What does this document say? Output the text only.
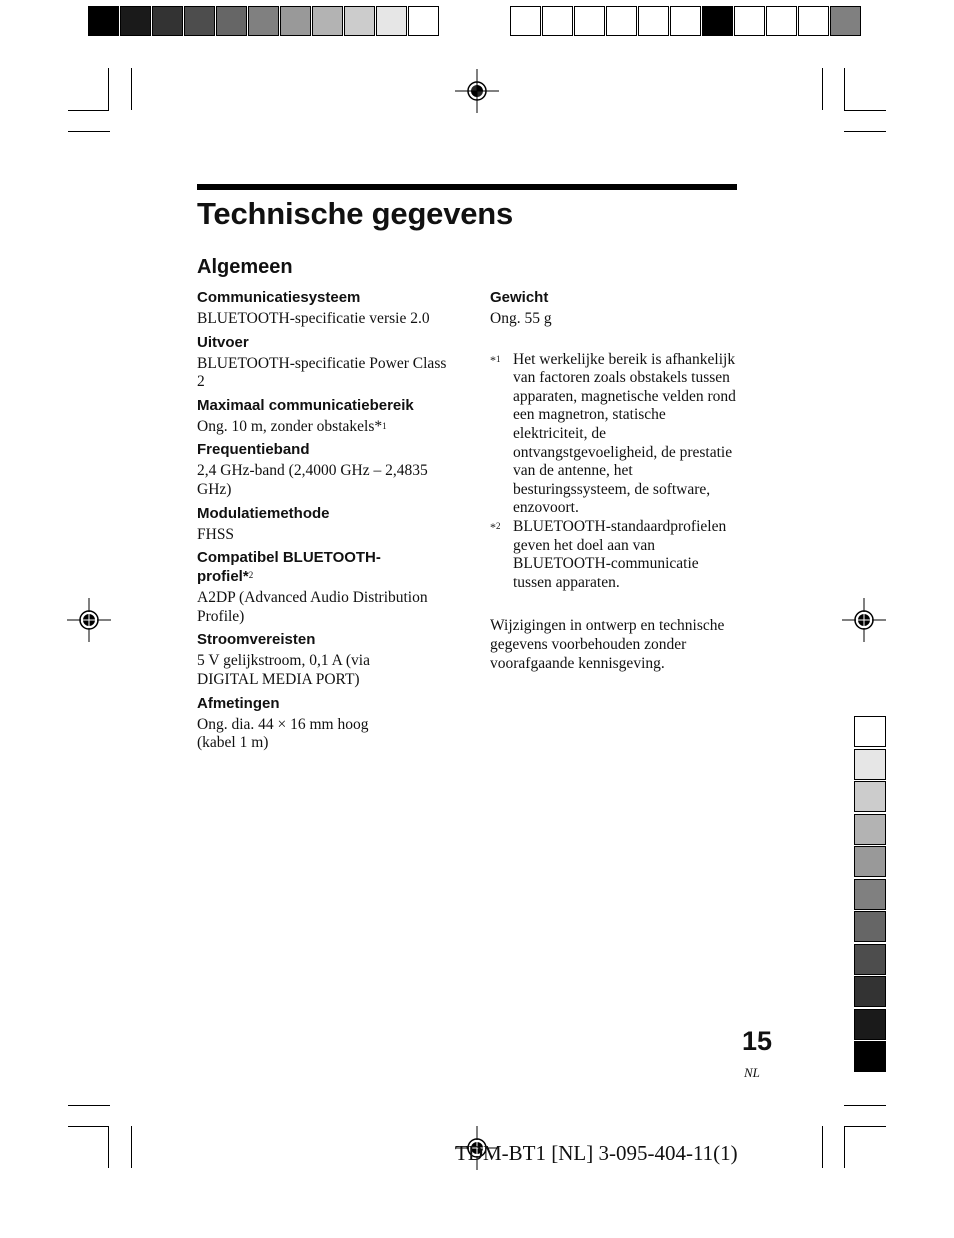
Technische gegevens
Algemeen
Communicatiesysteem
BLUETOOTH-specificatie versie 2.0
Uitvoer
BLUETOOTH-specificatie Power Class 2
Maximaal communicatiebereik
Ong. 10 m, zonder obstakels*$^1$
Frequentieband
2,4 GHz-band (2,4000 GHz – 2,4835 GHz)
Modulatiemethode
FHSS
Compatibel BLUETOOTH-profiel*$^2$
A2DP (Advanced Audio Distribution Profile)
Stroomvereisten
5 V gelijkstroom, 0,1 A (via DIGITAL MEDIA PORT)
Afmetingen
Ong. dia. 44 × 16 mm hoog
(kabel 1 m)
Gewicht
Ong. 55 g
*$^1$ Het werkelijke bereik is afhankelijk van factoren zoals obstakels tussen apparaten, magnetische velden rond een magnetron, statische elektriciteit, de ontvangstgevoeligheid, de prestatie van de antenne, het besturingssysteem, de software, enzovoort.
*$^2$ BLUETOOTH-standaardprofielen geven het doel aan van BLUETOOTH-communicatie tussen apparaten.
Wijzigingen in ontwerp en technische gegevens voorbehouden zonder voorafgaande kennisgeving.
15
NL
TDM-BT1 [NL] 3-095-404-11(1)
